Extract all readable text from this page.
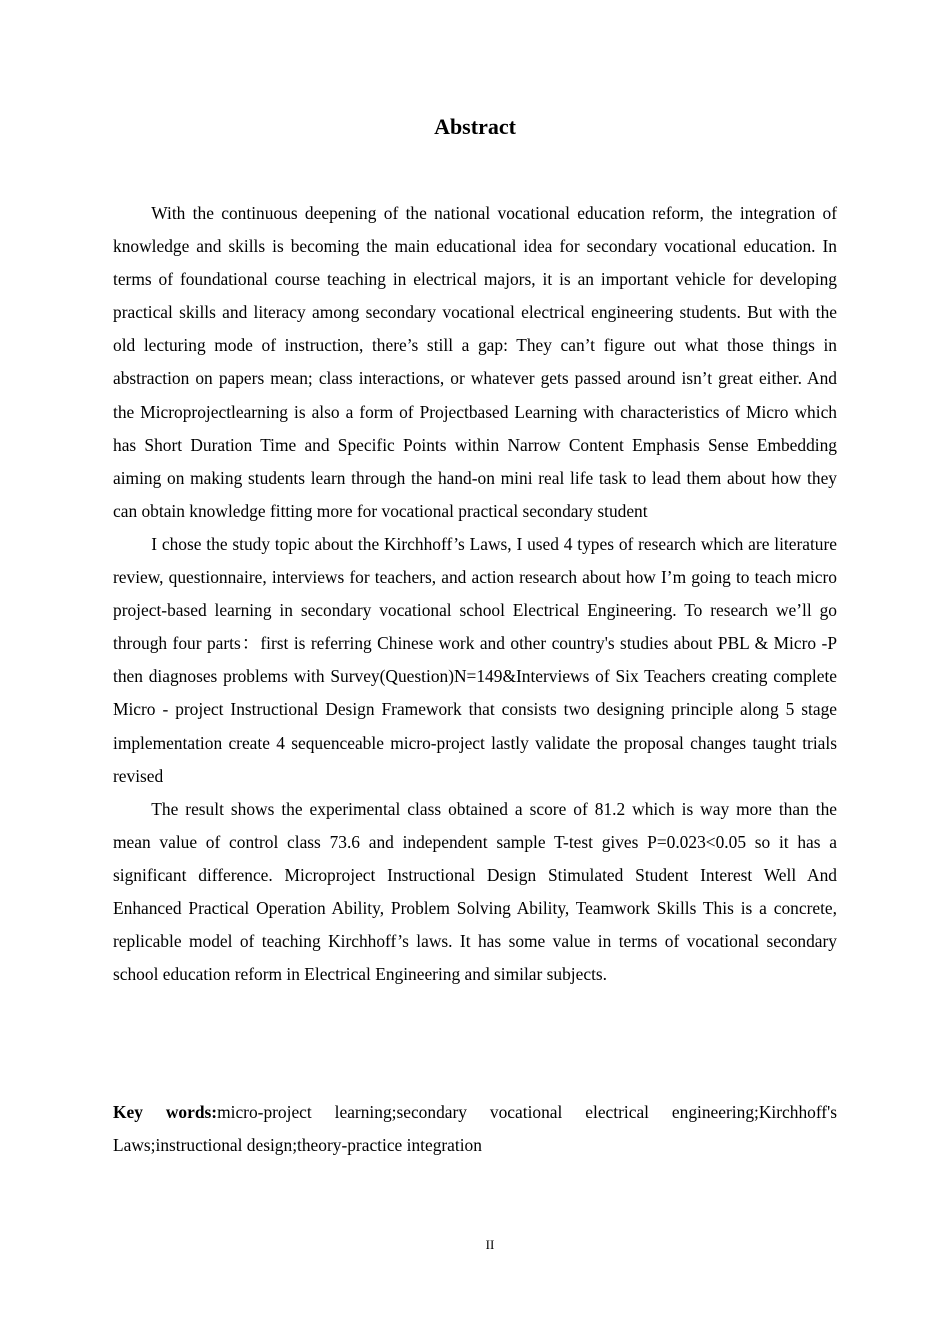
Abstract

With the continuous deepening of the national vocational education reform, the integration of knowledge and skills is becoming the main educational idea for secondary vocational education. In terms of foundational course teaching in electrical majors, it is an important vehicle for developing practical skills and literacy among secondary vocational electrical engineering students. But with the old lecturing mode of instruction, there’s still a gap: They can’t figure out what those things in abstraction on papers mean; class interactions, or whatever gets passed around isn’t great either. And the Microprojectlearning is also a form of Projectbased Learning with characteristics of Micro which has Short Duration Time and Specific Points within Narrow Content Emphasis Sense Embedding aiming on making students learn through the hand-on mini real life task to lead them about how they can obtain knowledge fitting more for vocational practical secondary student

I chose the study topic about the Kirchhoff’s Laws, I used 4 types of research which are literature review, questionnaire, interviews for teachers, and action research about how I’m going to teach micro project-based learning in secondary vocational school Electrical Engineering. To research we’ll go through four parts：first is referring Chinese work and other country's studies about PBL & Micro -P then diagnoses problems with Survey(Question)N=149&Interviews of Six Teachers creating complete Micro - project Instructional Design Framework that consists two designing principle along 5 stage implementation create 4 sequenceable micro-project lastly validate the proposal changes taught trials revised

The result shows the experimental class obtained a score of 81.2 which is way more than the mean value of control class 73.6 and independent sample T-test gives P=0.023<0.05 so it has a significant difference. Microproject Instructional Design Stimulated Student Interest Well And Enhanced Practical Operation Ability, Problem Solving Ability, Teamwork Skills This is a concrete, replicable model of teaching Kirchhoff’s laws. It has some value in terms of vocational secondary school education reform in Electrical Engineering and similar subjects.

Key words:micro-project learning;secondary vocational electrical engineering;Kirchhoff's Laws;instructional design;theory-practice integration

II
